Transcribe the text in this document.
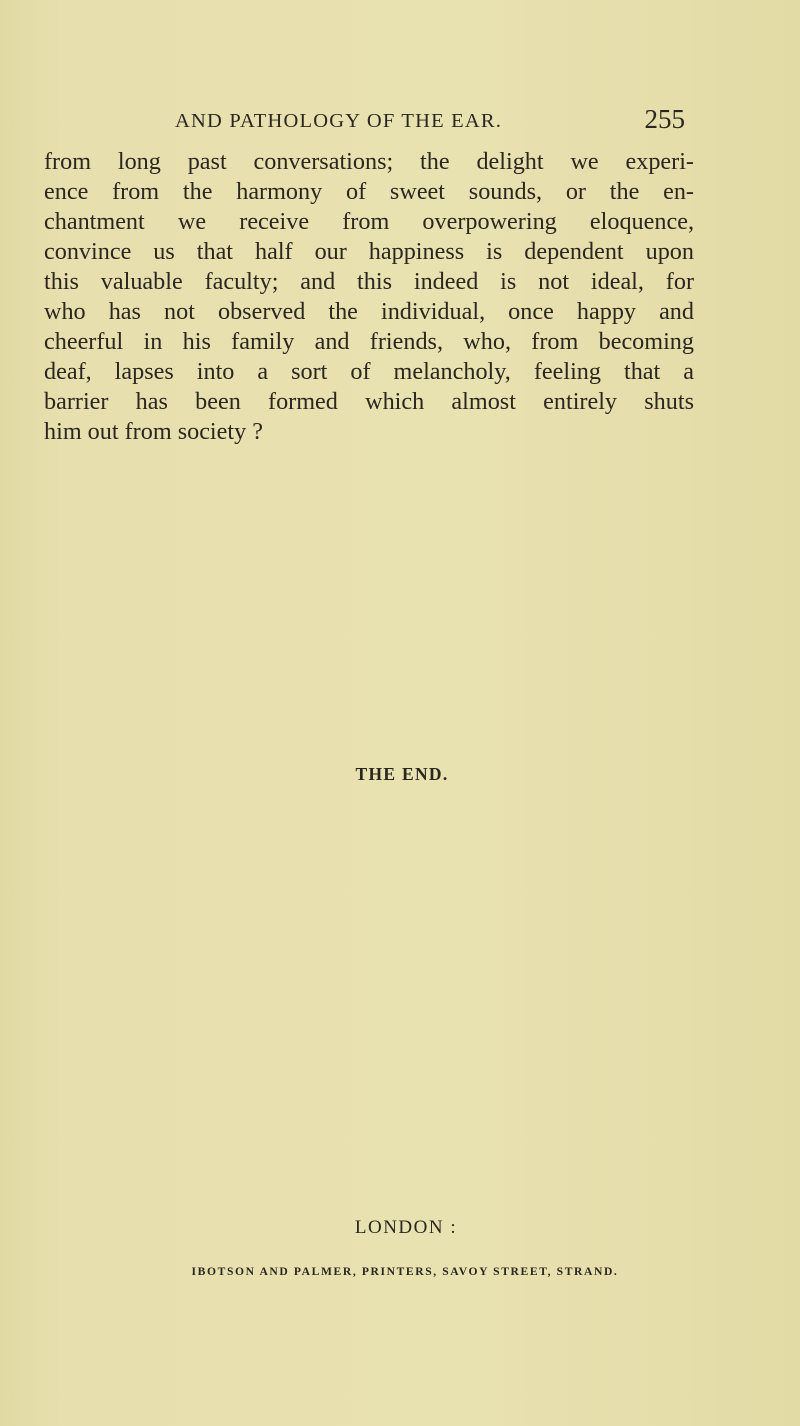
AND PATHOLOGY OF THE EAR.	255
from long past conversations; the delight we experi-
ence from the harmony of sweet sounds, or the en-
chantment we receive from overpowering eloquence,
convince us that half our happiness is dependent upon
this valuable faculty; and this indeed is not ideal, for
who has not observed the individual, once happy and
cheerful in his family and friends, who, from becoming
deaf, lapses into a sort of melancholy, feeling that a
barrier has been formed which almost entirely shuts
him out from society ?
THE END.
LONDON :
IBOTSON AND PALMER, PRINTERS, SAVOY STREET, STRAND.
